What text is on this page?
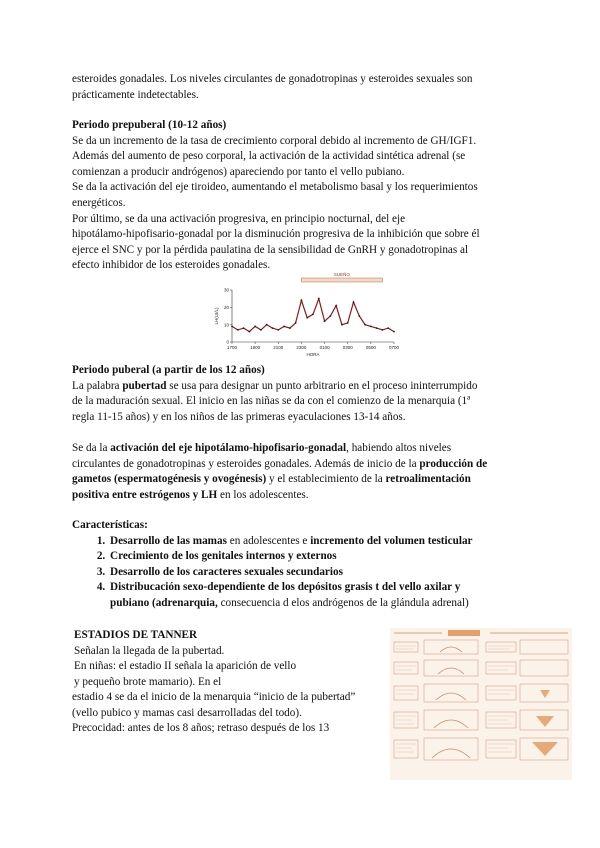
esteroides gonadales. Los niveles circulantes de gonadotropinas y esteroides sexuales son

prácticamente indetectables.

Periodo prepuberal (10-12 años)

Se da un incremento de la tasa de crecimiento corporal debido al incremento de GH/IGF1.

Además del aumento de peso corporal, la activación de la actividad sintética adrenal (se

comienzan a producir andrógenos) apareciendo por tanto el vello pubiano.

Se da la activación del eje tiroideo, aumentando el metabolismo basal y los requerimientos

energéticos.

Por último, se da una activación progresiva, en principio nocturnal, del eje

hipotálamo-hipofisario-gonadal por la disminución progresiva de la inhibición que sobre él

ejerce el SNC y por la pérdida paulatina de la sensibilidad de GnRH y gonadotropinas al

efecto inhibidor de los esteroides gonadales.

SUEÑO
0
10
20
30
LH(UI/L)
1700	1900	2100	2300	0100	0300	0500	0700
HORA

Periodo puberal (a partir de los 12 años)

La palabra pubertad se usa para designar un punto arbitrario en el proceso ininterrumpido

de la maduración sexual. El inicio en las niñas se da con el comienzo de la menarquia (1ª

regla 11-15 años) y en los niños de las primeras eyaculaciones 13-14 años.

Se da la activación del eje hipotálamo-hipofisario-gonadal, habiendo altos niveles

circulantes de gonadotropinas y esteroides gonadales. Además de inicio de la producción de

gametos (espermatogénesis y ovogénesis) y el establecimiento de la retroalimentación

positiva entre estrógenos y LH en los adolescentes.

Características:

1. Desarrollo de las mamas en adolescentes e incremento del volumen testicular
2. Crecimiento de los genitales internos y externos
3. Desarrollo de los caracteres sexuales secundarios
4. Distribucación sexo-dependiente de los depósitos grasis t del vello axilar y
pubiano (adrenarquia, consecuencia d elos andrógenos de la glándula adrenal)

ESTADIOS DE TANNER

Señalan la llegada de la pubertad.

En niñas: el estadio II señala la aparición de vello

y pequeño brote mamario). En el

estadio 4 se da el inicio de la menarquia “inicio de la pubertad”

(vello pubico y mamas casi desarrolladas del todo).

Precocidad: antes de los 8 años; retraso después de los 13
